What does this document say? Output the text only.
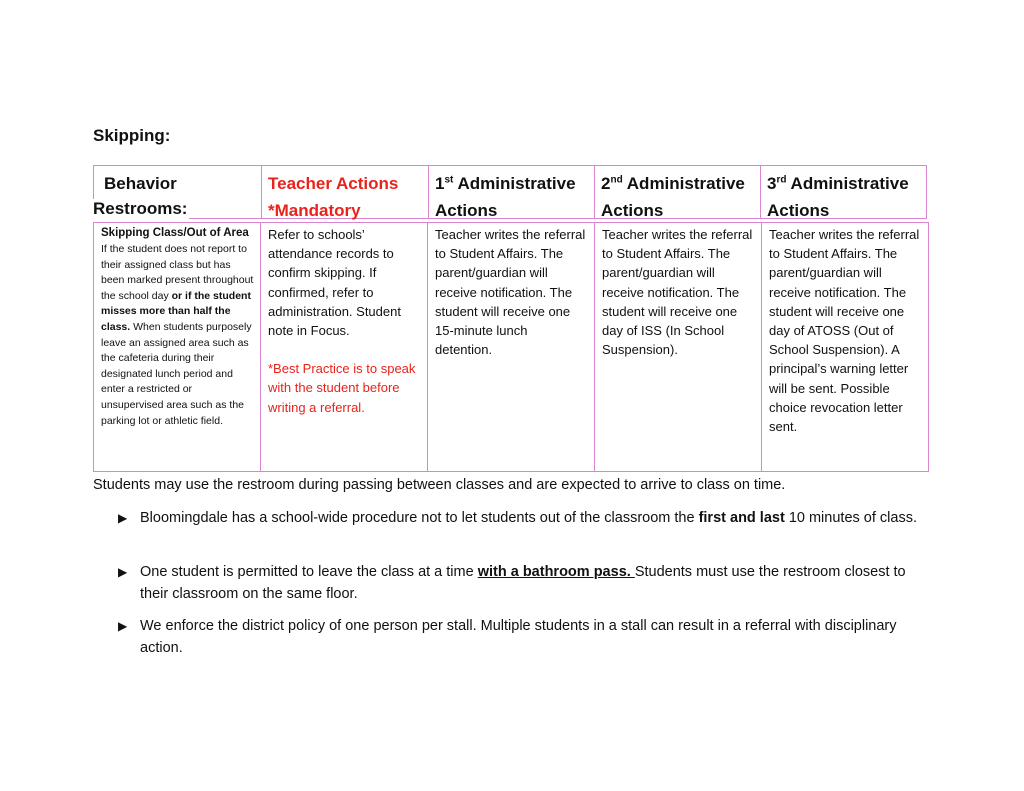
Skipping:
Behavior	Teacher Actions
*Mandatory
1st Administrative
Actions
2nd Administrative
Actions
3rd Administrative
Actions
Restrooms:
Skipping Class/Out of Area
If the student does not report to their assigned class but has been marked present throughout the school day or if the student misses more than half the class. When students purposely leave an assigned area such as the cafeteria during their designated lunch period and enter a restricted or unsupervised area such as the parking lot or athletic field.
Refer to schools’ attendance records to confirm skipping. If confirmed, refer to administration. Student note in Focus.
*Best Practice is to speak with the student before writing a referral.
Teacher writes the referral to Student Affairs. The parent/guardian will receive notification. The student will receive one 15-minute lunch detention.
Teacher writes the referral to Student Affairs. The parent/guardian will receive notification. The student will receive one day of ISS (In School Suspension).
Teacher writes the referral to Student Affairs. The parent/guardian will receive notification. The student will receive one day of ATOSS (Out of School Suspension). A principal’s warning letter will be sent. Possible choice revocation letter sent.

Students may use the restroom during passing between classes and are expected to arrive to class on time.

▶ Bloomingdale has a school-wide procedure not to let students out of the classroom the first and last 10 minutes of class.
▶ One student is permitted to leave the class at a time with a bathroom pass. Students must use the restroom closest to their classroom on the same floor.
▶ We enforce the district policy of one person per stall. Multiple students in a stall can result in a referral with disciplinary action.
